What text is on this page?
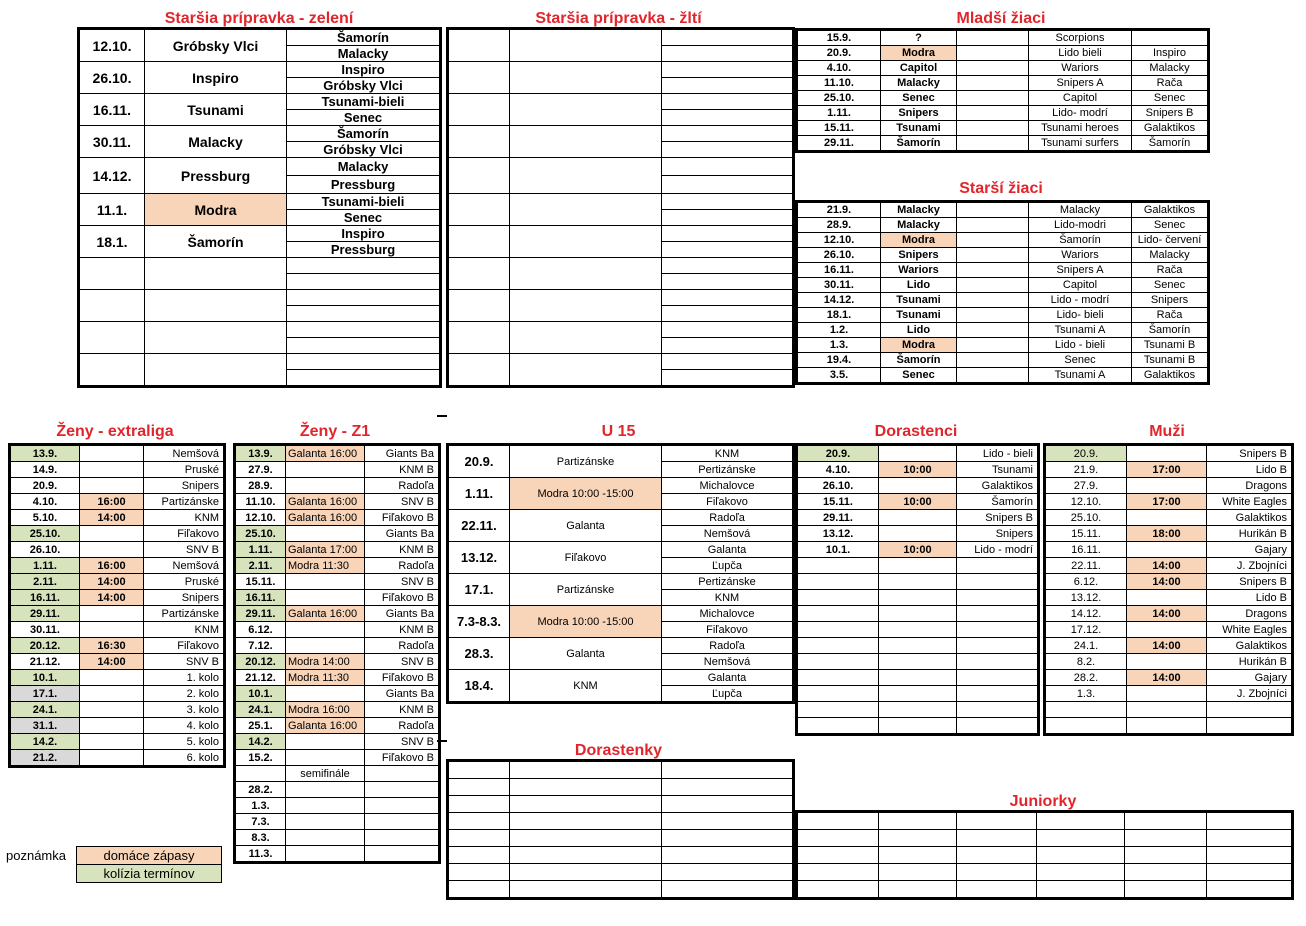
Staršia prípravka - zelení	Staršia prípravka - žltí	Mladší žiaci
Starší žiaci
Ženy - extraliga	Ženy - Z1	U 15	Dorastenci	Muži
Dorastenky
Juniorky
12.10.	Gróbsky Vlci	Šamorín
		Malacky
26.10.	Inspiro	Inspiro
		Gróbsky Vlci
16.11.	Tsunami	Tsunami-bieli
		Senec
30.11.	Malacky	Šamorín
		Gróbsky Vlci
14.12.	Pressburg	Malacky
		Pressburg
11.1.	Modra	Tsunami-bieli
		Senec
18.1.	Šamorín	Inspiro
		Pressburg

15.9.	?		Scorpions	
20.9.	Modra		Lido bieli	Inspiro
4.10.	Capitol		Wariors	Malacky
11.10.	Malacky		Snipers A	Rača
25.10.	Senec		Capitol	Senec
1.11.	Snipers		Lido- modrí	Snipers B
15.11.	Tsunami		Tsunami heroes	Galaktikos
29.11.	Šamorín		Tsunami surfers	Šamorín
21.9.	Malacky		Malacky	Galaktikos
28.9.	Malacky		Lido-modri	Senec
12.10.	Modra		Šamorín	Lido- červení
26.10.	Snipers		Wariors	Malacky
16.11.	Wariors		Snipers A	Rača
30.11.	Lido		Capitol	Senec
14.12.	Tsunami		Lido - modrí	Snipers
18.1.	Tsunami		Lido- bieli	Rača
1.2.	Lido		Tsunami A	Šamorín
1.3.	Modra		Lido - bieli	Tsunami B
19.4.	Šamorín		Senec	Tsunami B
3.5.	Senec		Tsunami A	Galaktikos
13.9.		Nemšová
14.9.		Pruské
20.9.		Snipers
4.10.	16:00	Partizánske
5.10.	14:00	KNM
25.10.		Fiľakovo
26.10.		SNV B
1.11.	16:00	Nemšová
2.11.	14:00	Pruské
16.11.	14:00	Snipers
29.11.		Partizánske
30.11.		KNM
20.12.	16:30	Fiľakovo
21.12.	14:00	SNV B
10.1.		1. kolo
17.1.		2. kolo
24.1.		3. kolo
31.1.		4. kolo
14.2.		5. kolo
21.2.		6. kolo
13.9.	Galanta 16:00	Giants Ba
27.9.		KNM B
28.9.		Radoľa
11.10.	Galanta 16:00	SNV B
12.10.	Galanta 16:00	Fiľakovo B
25.10.		Giants Ba
1.11.	Galanta 17:00	KNM B
2.11.	Modra 11:30	Radoľa
15.11.		SNV B
16.11.		Fiľakovo B
29.11.	Galanta 16:00	Giants Ba
6.12.		KNM B
7.12.		Radoľa
20.12.	Modra 14:00	SNV B
21.12.	Modra 11:30	Fiľakovo B
10.1.		Giants Ba
24.1.	Modra 16:00	KNM B
25.1.	Galanta 16:00	Radoľa
14.2.		SNV B
15.2.		Fiľakovo B
	semifinále	
28.2.		
1.3.		
7.3.		
8.3.		
11.3.		
20.9.	Partizánske	KNM
		Pertizánske
1.11.	Modra 10:00 -15:00	Michalovce
		Fiľakovo
22.11.	Galanta	Radoľa
		Nemšová
13.12.	Fiľakovo	Galanta
		Ľupča
17.1.	Partizánske	Pertizánske
		KNM
7.3-8.3.	Modra 10:00 -15:00	Michalovce
		Fiľakovo
28.3.	Galanta	Radoľa
		Nemšová
18.4.	KNM	Galanta
		Ľupča
20.9.		Lido - bieli
4.10.	10:00	Tsunami
26.10.		Galaktikos
15.11.	10:00	Šamorín
29.11.		Snipers B
13.12.		Snipers
10.1.	10:00	Lido - modrí

20.9.		Snipers B
21.9.	17:00	Lido B
27.9.		Dragons
12.10.	17:00	White Eagles
25.10.		Galaktikos
15.11.	18:00	Hurikán B
16.11.		Gajary
22.11.	14:00	J. Zbojníci
6.12.	14:00	Snipers B
13.12.		Lido B
14.12.	14:00	Dragons
17.12.		White Eagles
24.1.	14:00	Galaktikos
8.2.		Hurikán B
28.2.	14:00	Gajary
1.3.		J. Zbojníci

poznámka	domáce zápasy
	kolízia termínov
